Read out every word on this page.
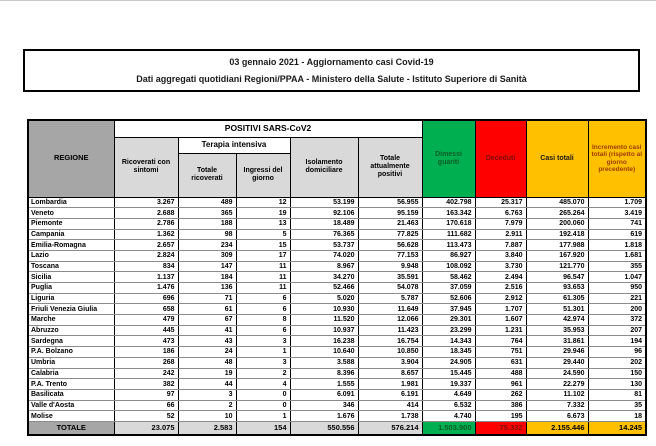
03 gennaio 2021 - Aggiornamento casi Covid-19
Dati aggregati quotidiani Regioni/PPAA - Ministero della Salute - Istituto Superiore di Sanità
REGIONE	POSITIVI SARS-CoV2					Dimessi guariti	Deceduti	Casi totali	Incremento casi totali (rispetto al giorno precedente)
	Ricoverati con sintomi	Terapia intensiva		Isolamento domiciliare	Totale attualmente positivi				
		Totale ricoverati	Ingressi del giorno						
Lombardia	3.267	489	12	53.199	56.955	402.798	25.317	485.070	1.709
Veneto	2.688	365	19	92.106	95.159	163.342	6.763	265.264	3.419
Piemonte	2.786	188	13	18.489	21.463	170.618	7.979	200.060	741
Campania	1.362	98	5	76.365	77.825	111.682	2.911	192.418	619
Emilia-Romagna	2.657	234	15	53.737	56.628	113.473	7.887	177.988	1.818
Lazio	2.824	309	17	74.020	77.153	86.927	3.840	167.920	1.681
Toscana	834	147	11	8.967	9.948	108.092	3.730	121.770	355
Sicilia	1.137	184	11	34.270	35.591	58.462	2.494	96.547	1.047
Puglia	1.476	136	11	52.466	54.078	37.059	2.516	93.653	950
Liguria	696	71	6	5.020	5.787	52.606	2.912	61.305	221
Friuli Venezia Giulia	658	61	6	10.930	11.649	37.945	1.707	51.301	200
Marche	479	67	8	11.520	12.066	29.301	1.607	42.974	372
Abruzzo	445	41	6	10.937	11.423	23.299	1.231	35.953	207
Sardegna	473	43	3	16.238	16.754	14.343	764	31.861	194
P.A. Bolzano	186	24	1	10.640	10.850	18.345	751	29.946	96
Umbria	268	48	3	3.588	3.904	24.905	631	29.440	202
Calabria	242	19	2	8.396	8.657	15.445	488	24.590	150
P.A. Trento	382	44	4	1.555	1.981	19.337	961	22.279	130
Basilicata	97	3	0	6.091	6.191	4.649	262	11.102	81
Valle d'Aosta	66	2	0	346	414	6.532	386	7.332	35
Molise	52	10	1	1.676	1.738	4.740	195	6.673	18
TOTALE	23.075	2.583	154	550.556	576.214	1.503.900	75.332	2.155.446	14.245
